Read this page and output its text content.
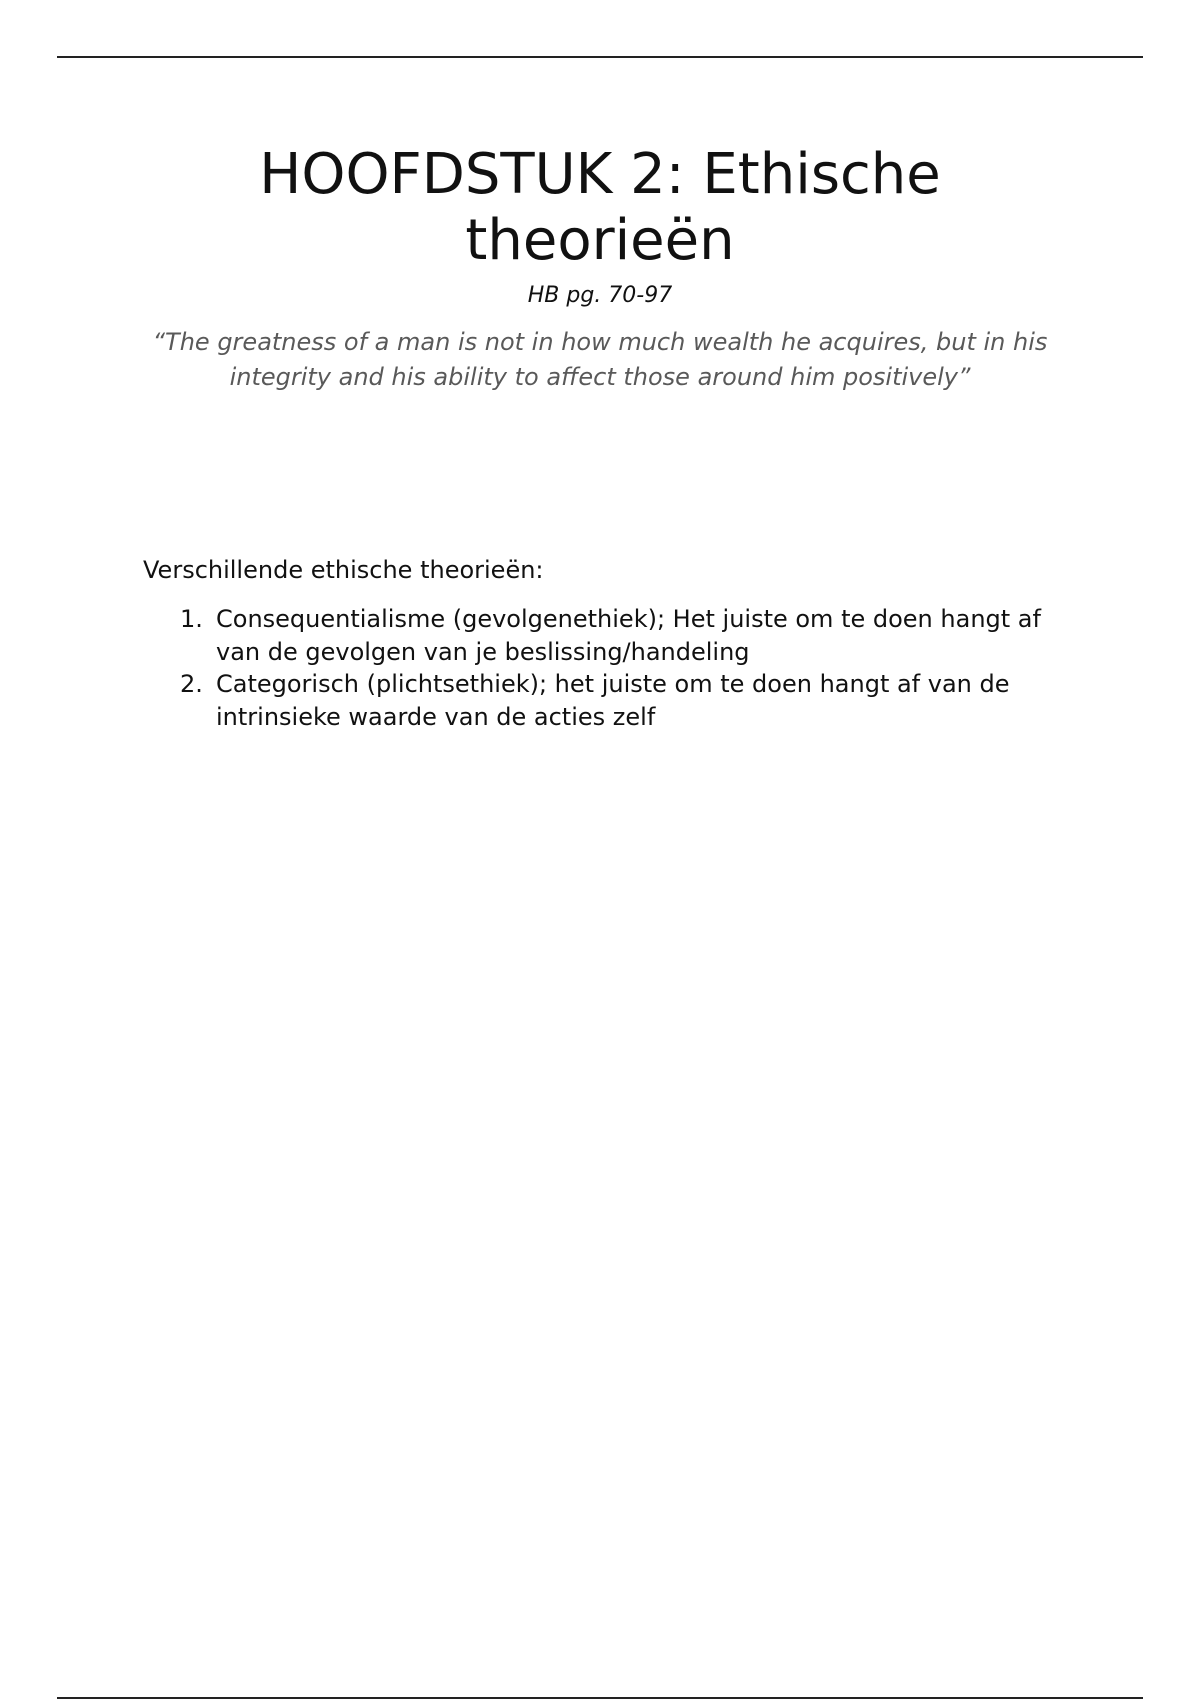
HOOFDSTUK 2: Ethische
theorieën
HB pg. 70-97
“The greatness of a man is not in how much wealth he acquires, but in his
integrity and his ability to affect those around him positively”
Verschillende ethische theorieën:
1. Consequentialisme (gevolgenethiek); Het juiste om te doen hangt af
van de gevolgen van je beslissing/handeling
2. Categorisch (plichtsethiek); het juiste om te doen hangt af van de
intrinsieke waarde van de acties zelf
